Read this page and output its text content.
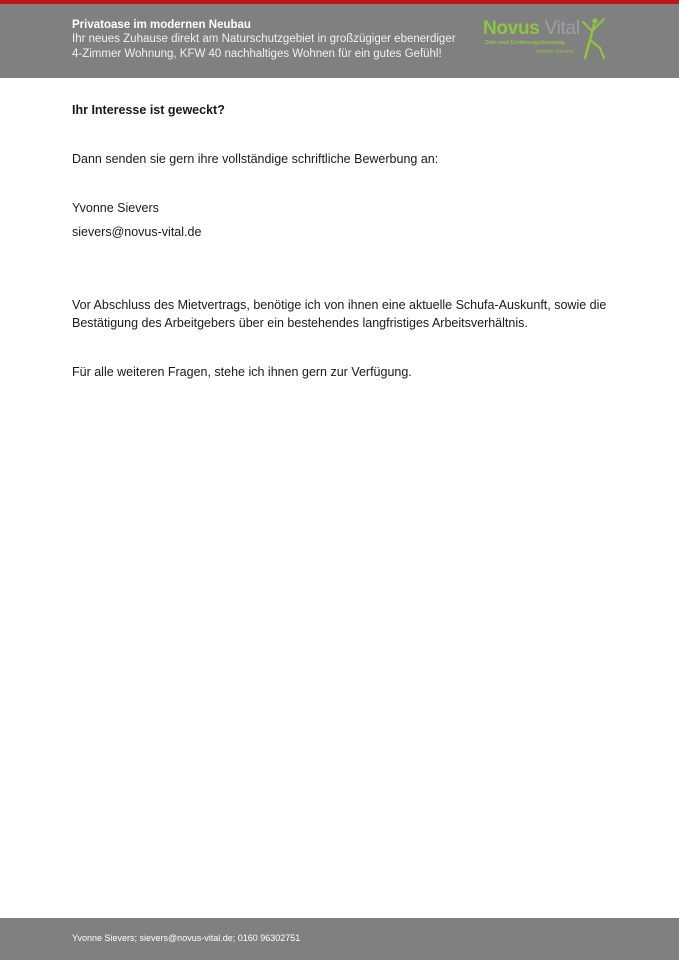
Privatoase im modernen Neubau
Ihr neues Zuhause direkt am Naturschutzgebiet in großzügiger ebenerdiger
4-Zimmer Wohnung, KFW 40 nachhaltiges Wohnen für ein gutes Gefühl!
Novus Vital
Diät- und Ernährungsberatung
Yvonne Sievers

Ihr Interesse ist geweckt?

Dann senden sie gern ihre vollständige schriftliche Bewerbung an:

Yvonne Sievers

sievers@novus-vital.de

Vor Abschluss des Mietvertrags, benötige ich von ihnen eine aktuelle Schufa-Auskunft, sowie die

Bestätigung des Arbeitgebers über ein bestehendes langfristiges Arbeitsverhältnis.

Für alle weiteren Fragen, stehe ich ihnen gern zur Verfügung.

Yvonne Sievers; sievers@novus-vital.de; 0160 96302751
